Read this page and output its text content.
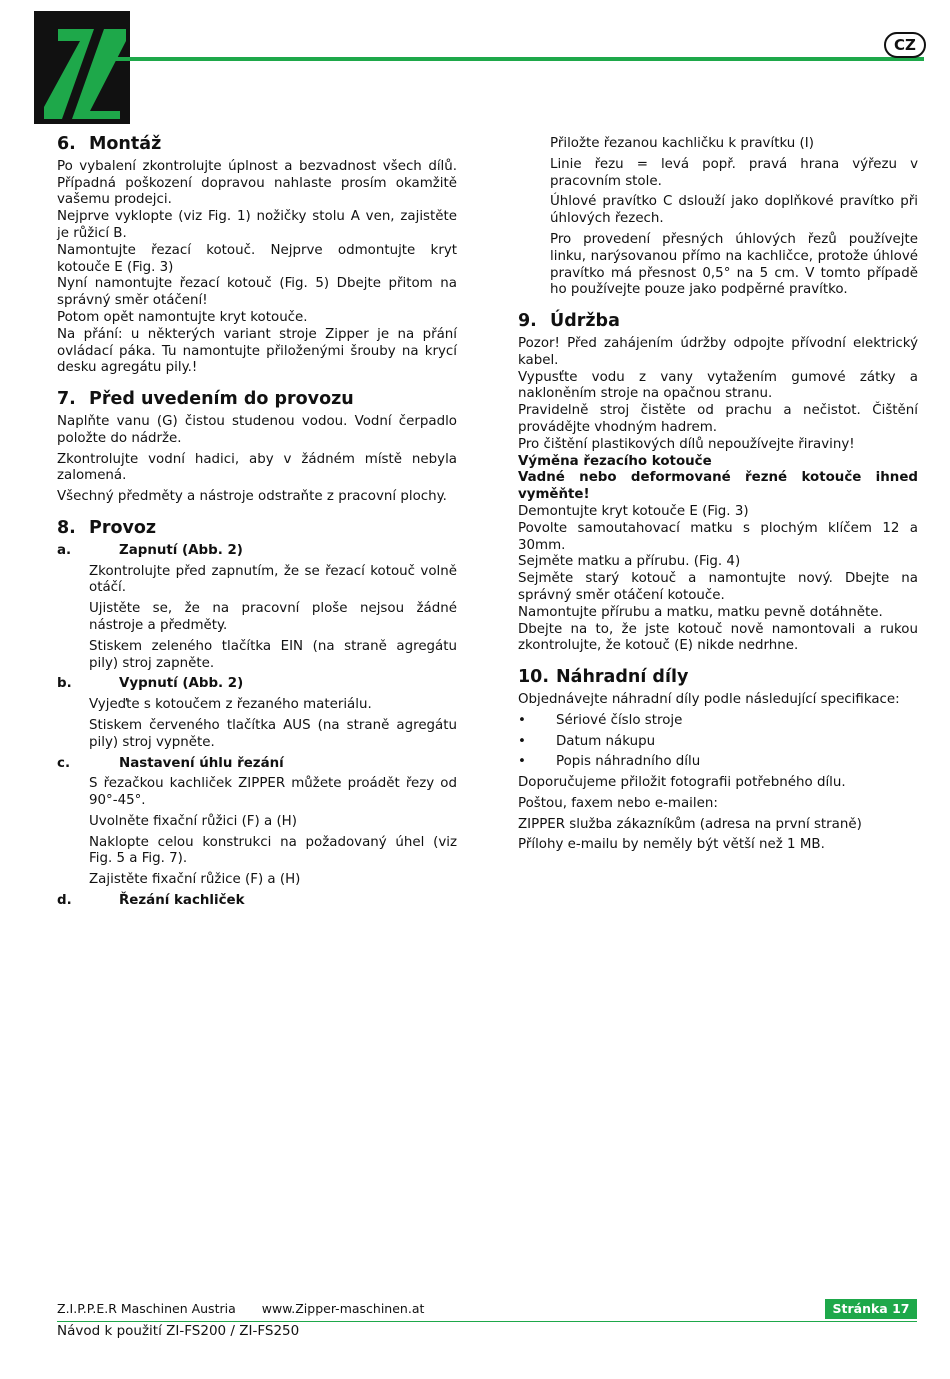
CZ
6. Montáž

Po vybalení zkontrolujte úplnost a bezvadnost všech dílů. Případná poškození dopravou nahlaste prosím okamžitě vašemu prodejci.

Nejprve vyklopte (viz Fig. 1) nožičky stolu A ven, zajistěte je růžicí B.

Namontujte řezací kotouč. Nejprve odmontujte kryt kotouče E (Fig. 3)

Nyní namontujte řezací kotouč (Fig. 5) Dbejte přitom na správný směr otáčení!

Potom opět namontujte kryt kotouče.

Na přání: u některých variant stroje Zipper je na přání ovládací páka. Tu namontujte přiloženými šrouby na krycí desku agregátu pily.!

7. Před uvedením do provozu

Naplňte vanu (G) čistou studenou vodou. Vodní čerpadlo položte do nádrže.

Zkontrolujte vodní hadici, aby v žádném místě nebyla zalomená.

Všechný předměty a nástroje odstraňte z pracovní plochy.

8. Provoz
a.	Zapnutí (Abb. 2)

Zkontrolujte před zapnutím, že se řezací kotouč volně otáčí.

Ujistěte se, že na pracovní ploše nejsou žádné nástroje a předměty.

Stiskem zeleného tlačítka EIN (na straně agregátu pily) stroj zapněte.

b.	Vypnutí (Abb. 2)

Vyjeďte s kotoučem z řezaného materiálu.

Stiskem červeného tlačítka AUS (na straně agregátu pily) stroj vypněte.

c.	Nastavení úhlu řezání

S řezačkou kachliček ZIPPER můžete proádět řezy od 90°-45°.

Uvolněte fixační růžici (F) a (H)

Naklopte celou konstrukci na požadovaný úhel (viz Fig. 5 a Fig. 7).

Zajistěte fixační růžice (F) a (H)

d.	Řezání kachliček

Přiložte řezanou kachličku k pravítku (I)

Linie řezu = levá popř. pravá hrana výřezu v pracovním stole.

Úhlové pravítko C dslouží jako doplňkové pravítko při úhlových řezech.

Pro provedení přesných úhlových řezů používejte linku, narýsovanou přímo na kachličce, protože úhlové pravítko má přesnost 0,5° na 5 cm. V tomto případě ho používejte pouze jako podpěrné pravítko.

9. Údržba

Pozor! Před zahájením údržby odpojte přívodní elektrický kabel.

Vypusťte vodu z vany vytažením gumové zátky a nakloněním stroje na opačnou stranu.

Pravidelně stroj čistěte od prachu a nečistot. Čištění provádějte vhodným hadrem.

Pro čištění plastikových dílů nepoužívejte řiraviny!

Výměna řezacího kotouče

Vadné nebo deformované řezné kotouče ihned vyměňte!

Demontujte kryt kotouče E (Fig. 3)

Povolte samoutahovací matku s plochým klíčem 12 a 30mm.

Sejměte matku a přírubu. (Fig. 4)

Sejměte starý kotouč a namontujte nový. Dbejte na správný směr otáčení kotouče.

Namontujte přírubu a matku, matku pevně dotáhněte.

Dbejte na to, že jste kotouč nově namontovali a rukou zkontrolujte, že kotouč (E) nikde nedrhne.

10. Náhradní díly

Objednávejte náhradní díly podle následující specifikace:

• Sériové číslo stroje
• Datum nákupu
• Popis náhradního dílu

Doporučujeme přiložit fotografii potřebného dílu.

Poštou, faxem nebo e-mailen:

ZIPPER služba zákazníkům (adresa na první straně)

Přílohy e-mailu by neměly být větší než 1 MB.

Z.I.P.P.E.R Maschinen Austria www.Zipper-maschinen.at	Stránka 17
Návod k použití ZI-FS200 / ZI-FS250
